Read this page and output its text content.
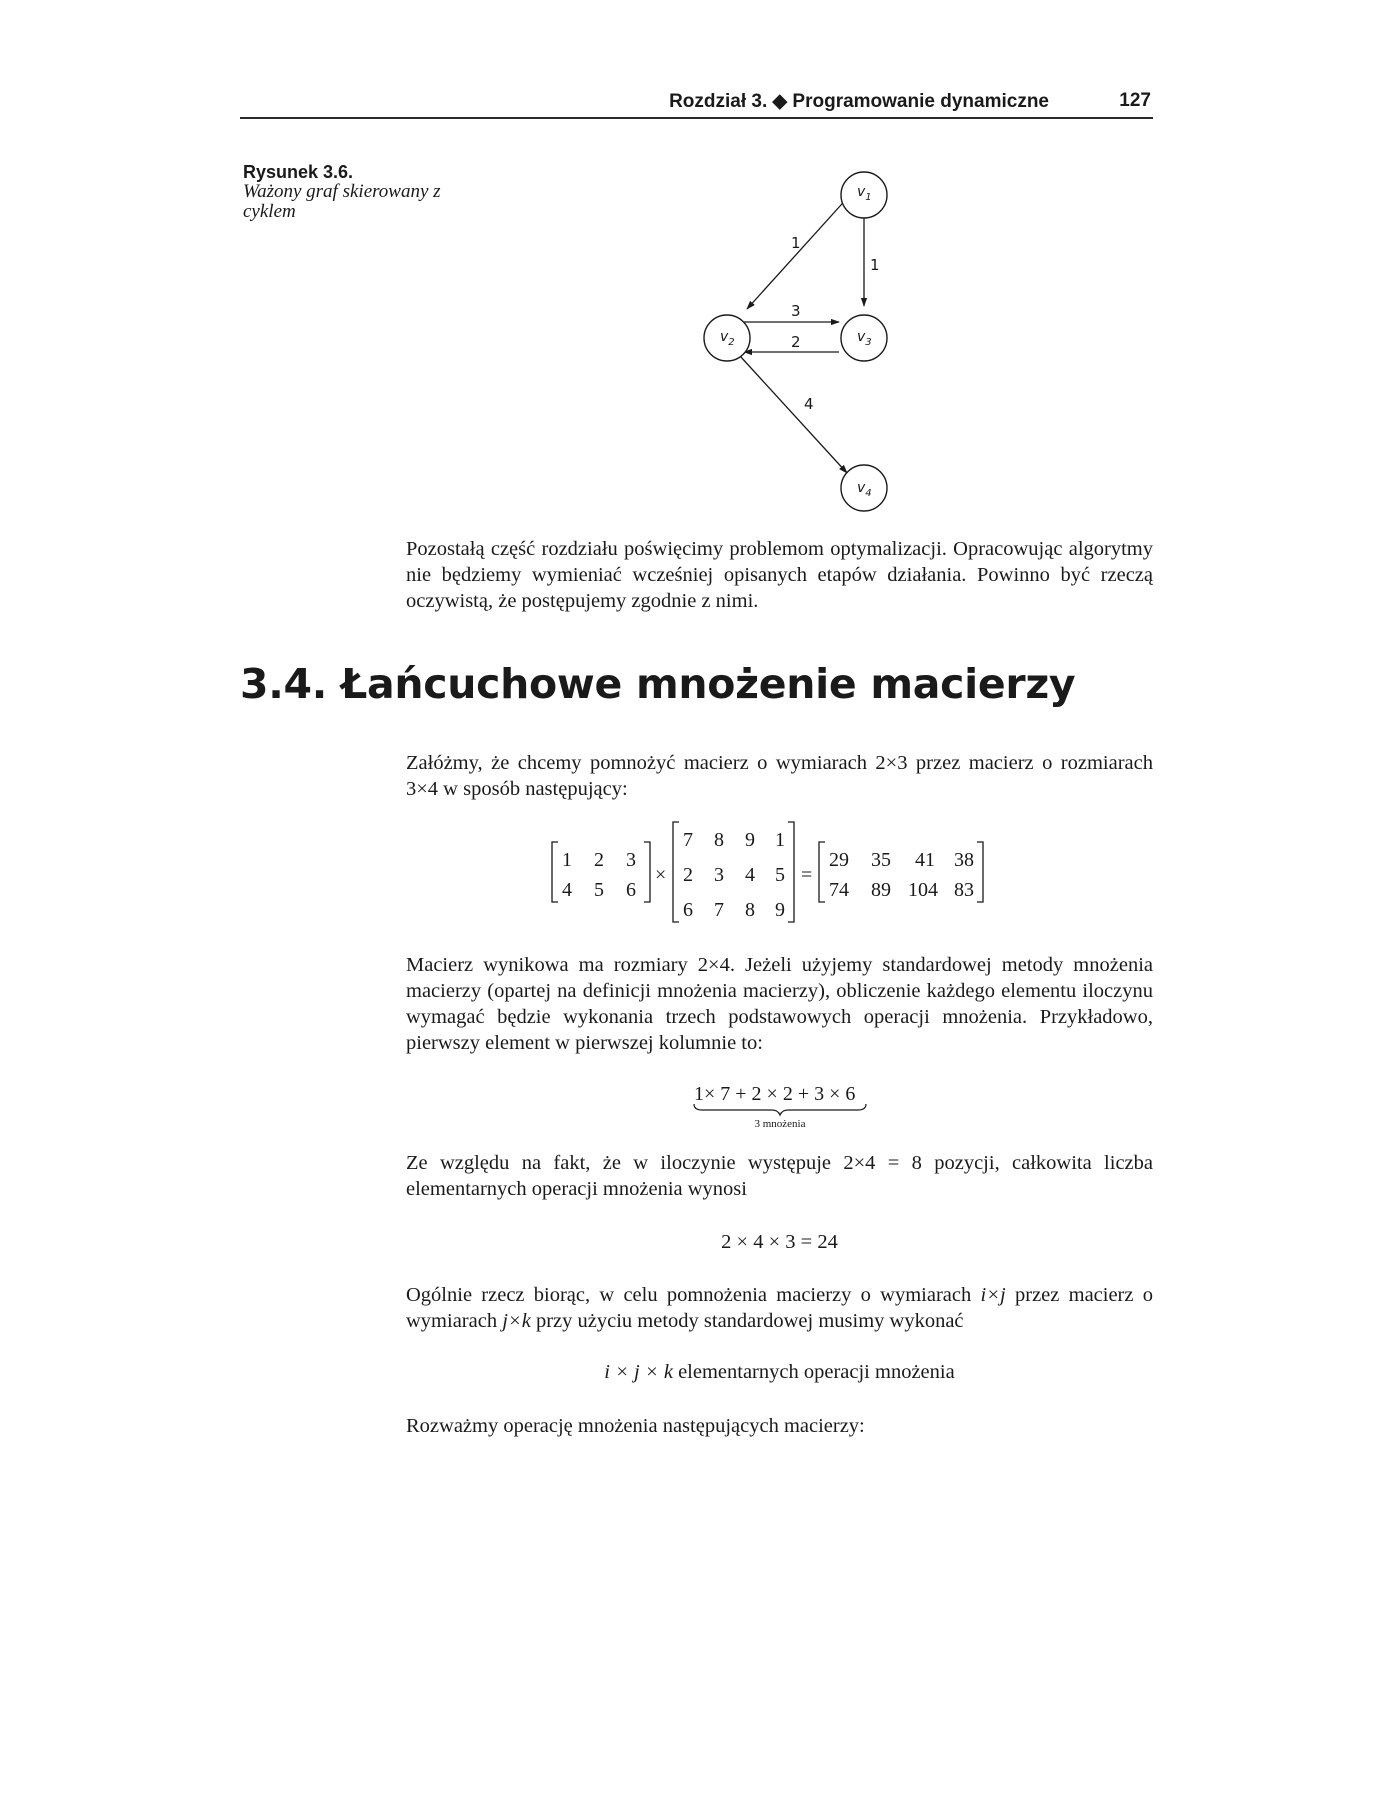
Rozdział 3. ◆ Programowanie dynamiczne	127
Rysunek 3.6.
Ważony graf skierowany z cyklem
$v_1$
$v_2$	$v_3$
$v_4$
1
1
3
2
4

Pozostałą część rozdziału poświęcimy problemom optymalizacji. Opracowując algorytmy nie będziemy wymieniać wcześniej opisanych etapów działania. Powinno być rzeczą oczywistą, że postępujemy zgodnie z nimi.

3.4. Łańcuchowe mnożenie macierzy

Załóżmy, że chcemy pomnożyć macierz o wymiarach 2×3 przez macierz o rozmiarach 3×4 w sposób następujący:

1 2 3
4 5 6
×
7 8 9 1
2 3 4 5
6 7 8 9
=
29 35 41 38
74 89 104 83

Macierz wynikowa ma rozmiary 2×4. Jeżeli użyjemy standardowej metody mnożenia macierzy (opartej na definicji mnożenia macierzy), obliczenie każdego elementu iloczynu wymagać będzie wykonania trzech podstawowych operacji mnożenia. Przykładowo, pierwszy element w pierwszej kolumnie to:

1× 7 + 2 × 2 + 3 × 6
3 mnożenia

Ze względu na fakt, że w iloczynie występuje 2×4 = 8 pozycji, całkowita liczba elementarnych operacji mnożenia wynosi

2 × 4 × 3 = 24

Ogólnie rzecz biorąc, w celu pomnożenia macierzy o wymiarach i×j przez macierz o wymiarach j×k przy użyciu metody standardowej musimy wykonać

i × j × k elementarnych operacji mnożenia

Rozważmy operację mnożenia następujących macierzy:
